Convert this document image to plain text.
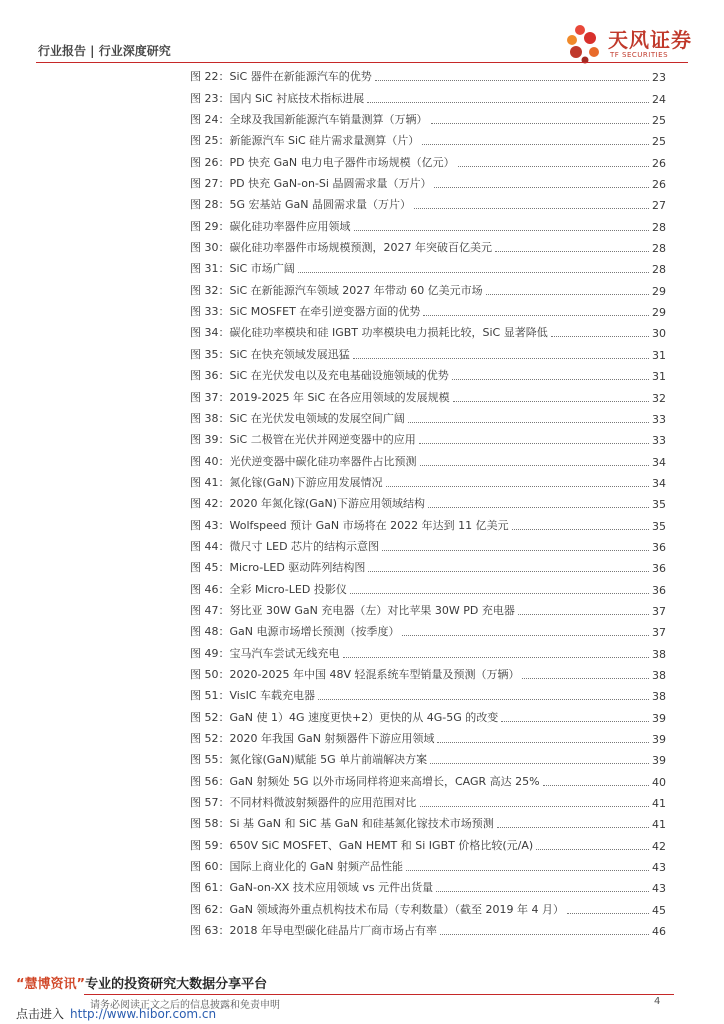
行业报告 | 行业深度研究	天风证券
TF SECURITIES
图 22：SiC 器件在新能源汽车的优势	23
图 23：国内 SiC 衬底技术指标进展	24
图 24：全球及我国新能源汽车销量测算（万辆）	25
图 25：新能源汽车 SiC 硅片需求量测算（片）	25
图 26：PD 快充 GaN 电力电子器件市场规模（亿元）	26
图 27：PD 快充 GaN-on-Si 晶圆需求量（万片）	26
图 28：5G 宏基站 GaN 晶圆需求量（万片）	27
图 29：碳化硅功率器件应用领域	28
图 30：碳化硅功率器件市场规模预测，2027 年突破百亿美元	28
图 31：SiC 市场广阔	28
图 32：SiC 在新能源汽车领域 2027 年带动 60 亿美元市场	29
图 33：SiC MOSFET 在牵引逆变器方面的优势	29
图 34：碳化硅功率模块和硅 IGBT 功率模块电力损耗比较，SiC 显著降低	30
图 35：SiC 在快充领域发展迅猛	31
图 36：SiC 在光伏发电以及充电基础设施领域的优势	31
图 37：2019-2025 年 SiC 在各应用领域的发展规模	32
图 38：SiC 在光伏发电领域的发展空间广阔	33
图 39：SiC 二极管在光伏并网逆变器中的应用	33
图 40：光伏逆变器中碳化硅功率器件占比预测	34
图 41：氮化镓(GaN)下游应用发展情况	34
图 42：2020 年氮化镓(GaN)下游应用领域结构	35
图 43：Wolfspeed 预计 GaN 市场将在 2022 年达到 11 亿美元	35
图 44：微尺寸 LED 芯片的结构示意图	36
图 45：Micro-LED 驱动阵列结构图	36
图 46：全彩 Micro-LED 投影仪	36
图 47：努比亚 30W GaN 充电器（左）对比苹果 30W PD 充电器	37
图 48：GaN 电源市场增长预测（按季度）	37
图 49：宝马汽车尝试无线充电	38
图 50：2020-2025 年中国 48V 轻混系统车型销量及预测（万辆）	38
图 51：VisIC 车载充电器	38
图 52：GaN 使 1）4G 速度更快+2）更快的从 4G-5G 的改变	39
图 52：2020 年我国 GaN 射频器件下游应用领域	39
图 55：氮化镓(GaN)赋能 5G 单片前端解决方案	39
图 56：GaN 射频处 5G 以外市场同样将迎来高增长，CAGR 高达 25%	40
图 57：不同材料微波射频器件的应用范围对比	41
图 58：Si 基 GaN 和 SiC 基 GaN 和硅基氮化镓技术市场预测	41
图 59：650V SiC MOSFET、GaN HEMT 和 Si IGBT 价格比较(元/A)	42
图 60：国际上商业化的 GaN 射频产品性能	43
图 61：GaN-on-XX 技术应用领域 vs 元件出货量	43
图 62：GaN 领域海外重点机构技术布局（专利数量）（截至 2019 年 4 月）	45
图 63：2018 年导电型碳化硅晶片厂商市场占有率	46
“慧博资讯”专业的投资研究大数据分享平台
请务必阅读正文之后的信息披露和免责申明
点击进入 http://www.hibor.com.cn
4
